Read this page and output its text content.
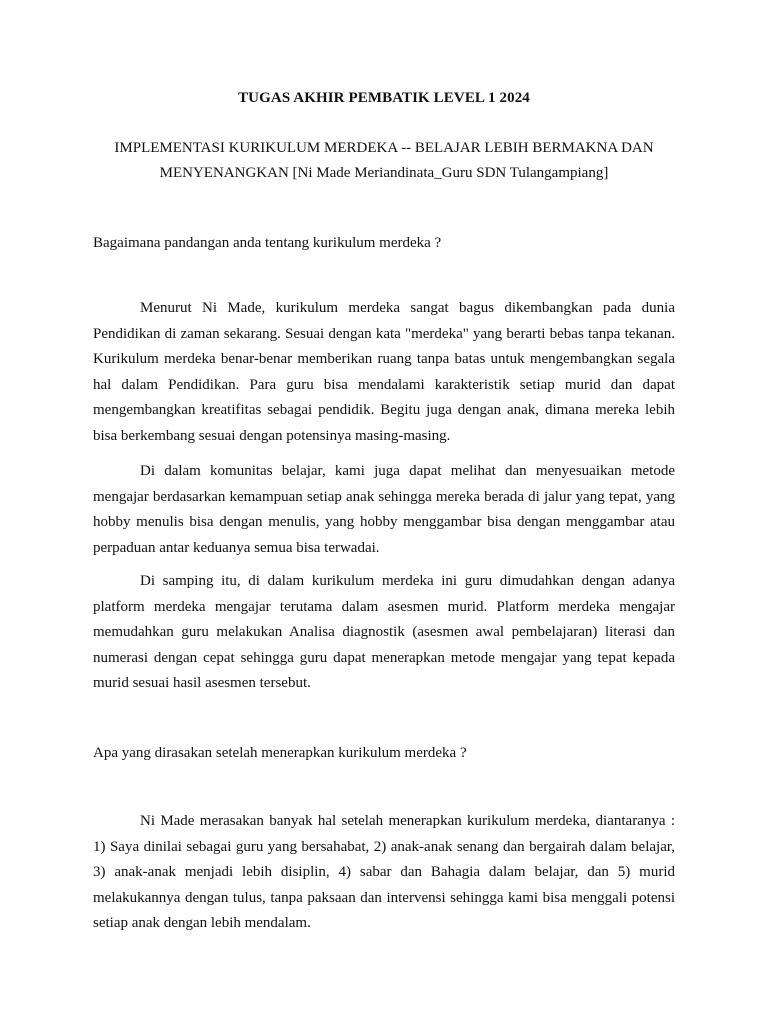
TUGAS AKHIR PEMBATIK LEVEL 1 2024
IMPLEMENTASI KURIKULUM MERDEKA -- BELAJAR LEBIH BERMAKNA DAN MENYENANGKAN [Ni Made Meriandinata_Guru SDN Tulangampiang]
Bagaimana pandangan anda tentang kurikulum merdeka ?
Menurut Ni Made, kurikulum merdeka sangat bagus dikembangkan pada dunia Pendidikan di zaman sekarang. Sesuai dengan kata "merdeka" yang berarti bebas tanpa tekanan. Kurikulum merdeka benar-benar memberikan ruang tanpa batas untuk mengembangkan segala hal dalam Pendidikan. Para guru bisa mendalami karakteristik setiap murid dan dapat mengembangkan kreatifitas sebagai pendidik. Begitu juga dengan anak, dimana mereka lebih bisa berkembang sesuai dengan potensinya masing-masing.
Di dalam komunitas belajar, kami juga dapat melihat dan menyesuaikan metode mengajar berdasarkan kemampuan setiap anak sehingga mereka berada di jalur yang tepat, yang hobby menulis bisa dengan menulis, yang hobby menggambar bisa dengan menggambar atau perpaduan antar keduanya semua bisa terwadai.
Di samping itu, di dalam kurikulum merdeka ini guru dimudahkan dengan adanya platform merdeka mengajar terutama dalam asesmen murid. Platform merdeka mengajar memudahkan guru melakukan Analisa diagnostik (asesmen awal pembelajaran) literasi dan numerasi dengan cepat sehingga guru dapat menerapkan metode mengajar yang tepat kepada murid sesuai hasil asesmen tersebut.
Apa yang dirasakan setelah menerapkan kurikulum merdeka ?
Ni Made merasakan banyak hal setelah menerapkan kurikulum merdeka, diantaranya : 1) Saya dinilai sebagai guru yang bersahabat, 2) anak-anak senang dan bergairah dalam belajar, 3) anak-anak menjadi lebih disiplin, 4) sabar dan Bahagia dalam belajar, dan 5) murid melakukannya dengan tulus, tanpa paksaan dan intervensi sehingga kami bisa menggali potensi setiap anak dengan lebih mendalam.
